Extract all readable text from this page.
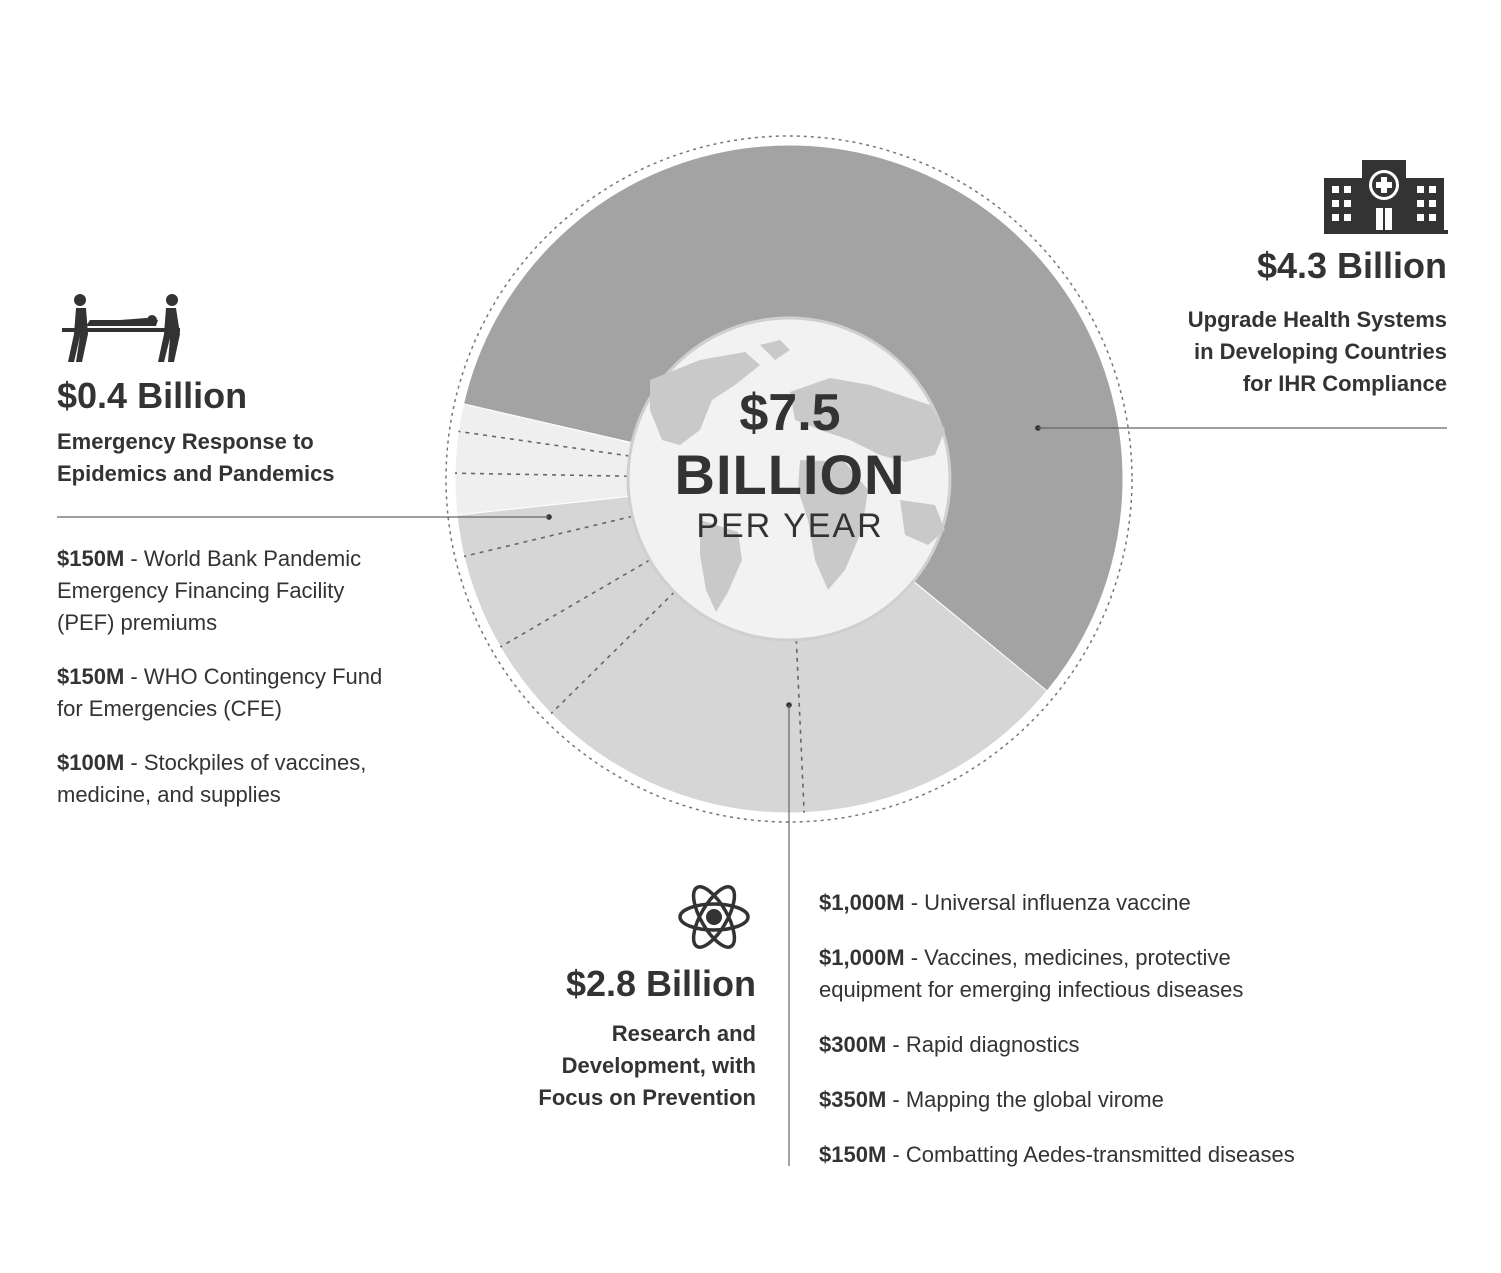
$7.5
BILLION
PER YEAR
$4.3 Billion
Upgrade Health Systems
in Developing Countries
for IHR Compliance
$0.4 Billion
Emergency Response to
Epidemics and Pandemics
$150M - World Bank Pandemic Emergency Financing Facility (PEF) premiums
$150M - WHO Contingency Fund for Emergencies (CFE)
$100M - Stockpiles of vaccines, medicine, and supplies
$2.8 Billion
Research and
Development, with
Focus on Prevention
$1,000M - Universal influenza vaccine
$1,000M - Vaccines, medicines, protective equipment for emerging infectious diseases
$300M - Rapid diagnostics
$350M - Mapping the global virome
$150M - Combatting Aedes-transmitted diseases
